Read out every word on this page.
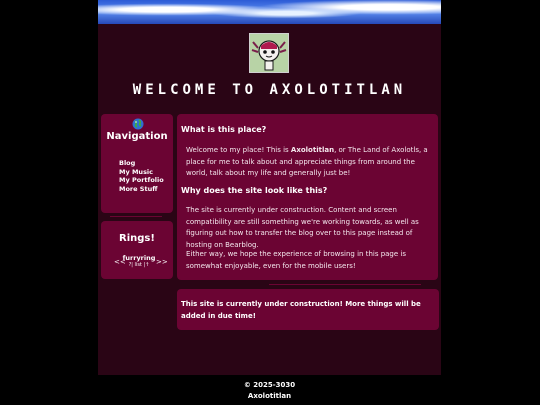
WELCOME TO AXOLOTITLAN
Navigation
Blog
My Music
My Portfolio
More Stuff
Rings!
<<
furryring
?| list |↑ >>
What is this place?

Welcome to my place! This is Axolotitlan, or The Land of Axolotls, a place for me to talk about and appreciate things from around the world, talk about my life and generally just be!

Why does the site look like this?

The site is currently under construction. Content and screen compatibility are still something we're working towards, as well as figuring out how to transfer the blog over to this page instead of hosting on Bearblog.

Either way, we hope the experience of browsing in this page is somewhat enjoyable, even for the mobile users!

This site is currently under construction! More things will be added in due time!

© 2025-3030
Axolotitlan
